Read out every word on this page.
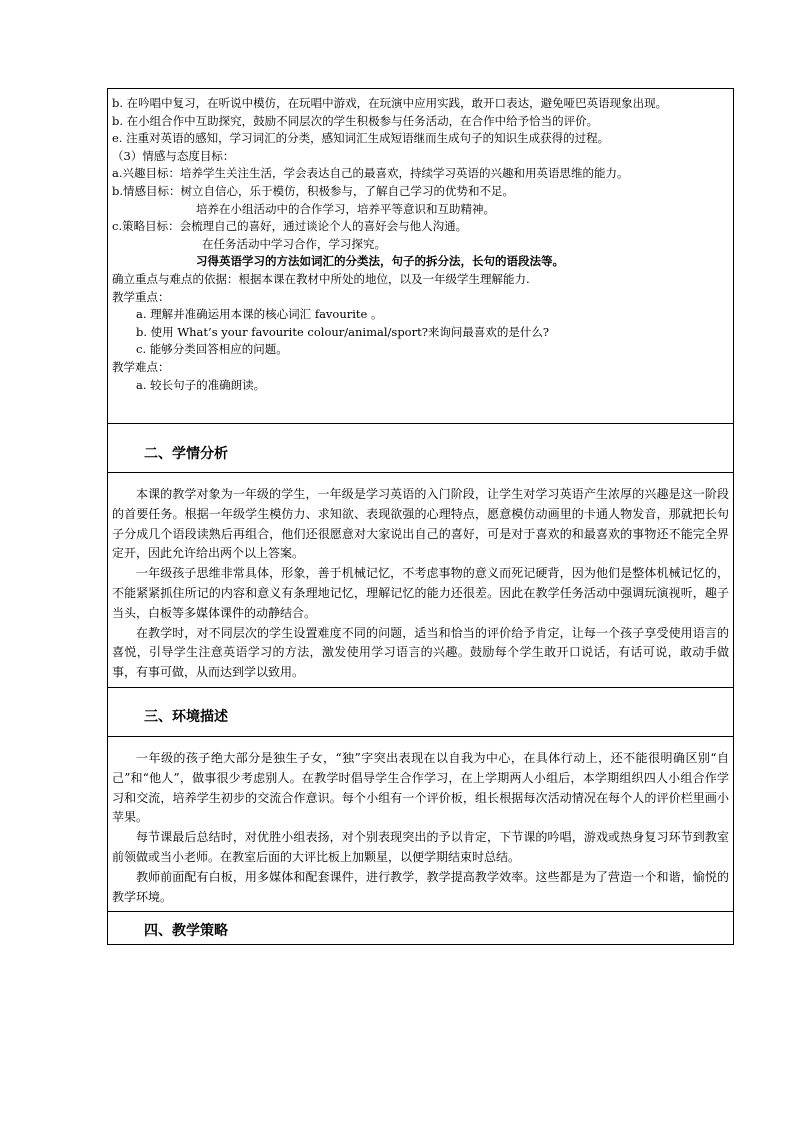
b. 在吟唱中复习，在听说中模仿，在玩唱中游戏，在玩演中应用实践，敢开口表达，避免哑巴英语现象出现。

b. 在小组合作中互助探究，鼓励不同层次的学生积极参与任务活动，在合作中给予恰当的评价。

e. 注重对英语的感知，学习词汇的分类，感知词汇生成短语继而生成句子的知识生成获得的过程。

（3）情感与态度目标：

a.兴趣目标：培养学生关注生活，学会表达自己的最喜欢，持续学习英语的兴趣和用英语思维的能力。

b.情感目标：树立自信心，乐于模仿，积极参与，了解自己学习的优势和不足。

培养在小组活动中的合作学习，培养平等意识和互助精神。

c.策略目标：会梳理自己的喜好，通过谈论个人的喜好会与他人沟通。

在任务活动中学习合作，学习探究。

习得英语学习的方法如词汇的分类法，句子的拆分法，长句的语段法等。

确立重点与难点的依据：根据本课在教材中所处的地位，以及一年级学生理解能力.

教学重点：

a. 理解并准确运用本课的核心词汇 favourite 。

b. 使用 What’s your favourite colour/animal/sport?来询问最喜欢的是什么?

c. 能够分类回答相应的问题。

教学难点：

a. 较长句子的准确朗读。

二、学情分析

本课的教学对象为一年级的学生，一年级是学习英语的入门阶段，让学生对学习英语产生浓厚的兴趣是这一阶段的首要任务。根据一年级学生模仿力、求知欲、表现欲强的心理特点，愿意模仿动画里的卡通人物发音，那就把长句子分成几个语段读熟后再组合，他们还很愿意对大家说出自己的喜好，可是对于喜欢的和最喜欢的事物还不能完全界定开，因此允许给出两个以上答案。

一年级孩子思维非常具体，形象，善于机械记忆，不考虑事物的意义而死记硬背，因为他们是整体机械记忆的，不能紧紧抓住所记的内容和意义有条理地记忆，理解记忆的能力还很差。因此在教学任务活动中强调玩演视听，趣子当头，白板等多媒体课件的动静结合。

在教学时，对不同层次的学生设置难度不同的问题，适当和恰当的评价给予肯定，让每一个孩子享受使用语言的喜悦，引导学生注意英语学习的方法，激发使用学习语言的兴趣。鼓励每个学生敢开口说话，有话可说，敢动手做事，有事可做，从而达到学以致用。

三、环境描述

一年级的孩子绝大部分是独生子女，“独”字突出表现在以自我为中心，在具体行动上，还不能很明确区别“自己”和“他人”，做事很少考虑别人。在教学时倡导学生合作学习，在上学期两人小组后，本学期组织四人小组合作学习和交流，培养学生初步的交流合作意识。每个小组有一个评价板，组长根据每次活动情况在每个人的评价栏里画小苹果。

每节课最后总结时，对优胜小组表扬，对个别表现突出的予以肯定，下节课的吟唱，游戏或热身复习环节到教室前领做或当小老师。在教室后面的大评比板上加颗星，以便学期结束时总结。

教师前面配有白板，用多媒体和配套课件，进行教学，教学提高教学效率。这些都是为了营造一个和谐，愉悦的教学环境。

四、教学策略
